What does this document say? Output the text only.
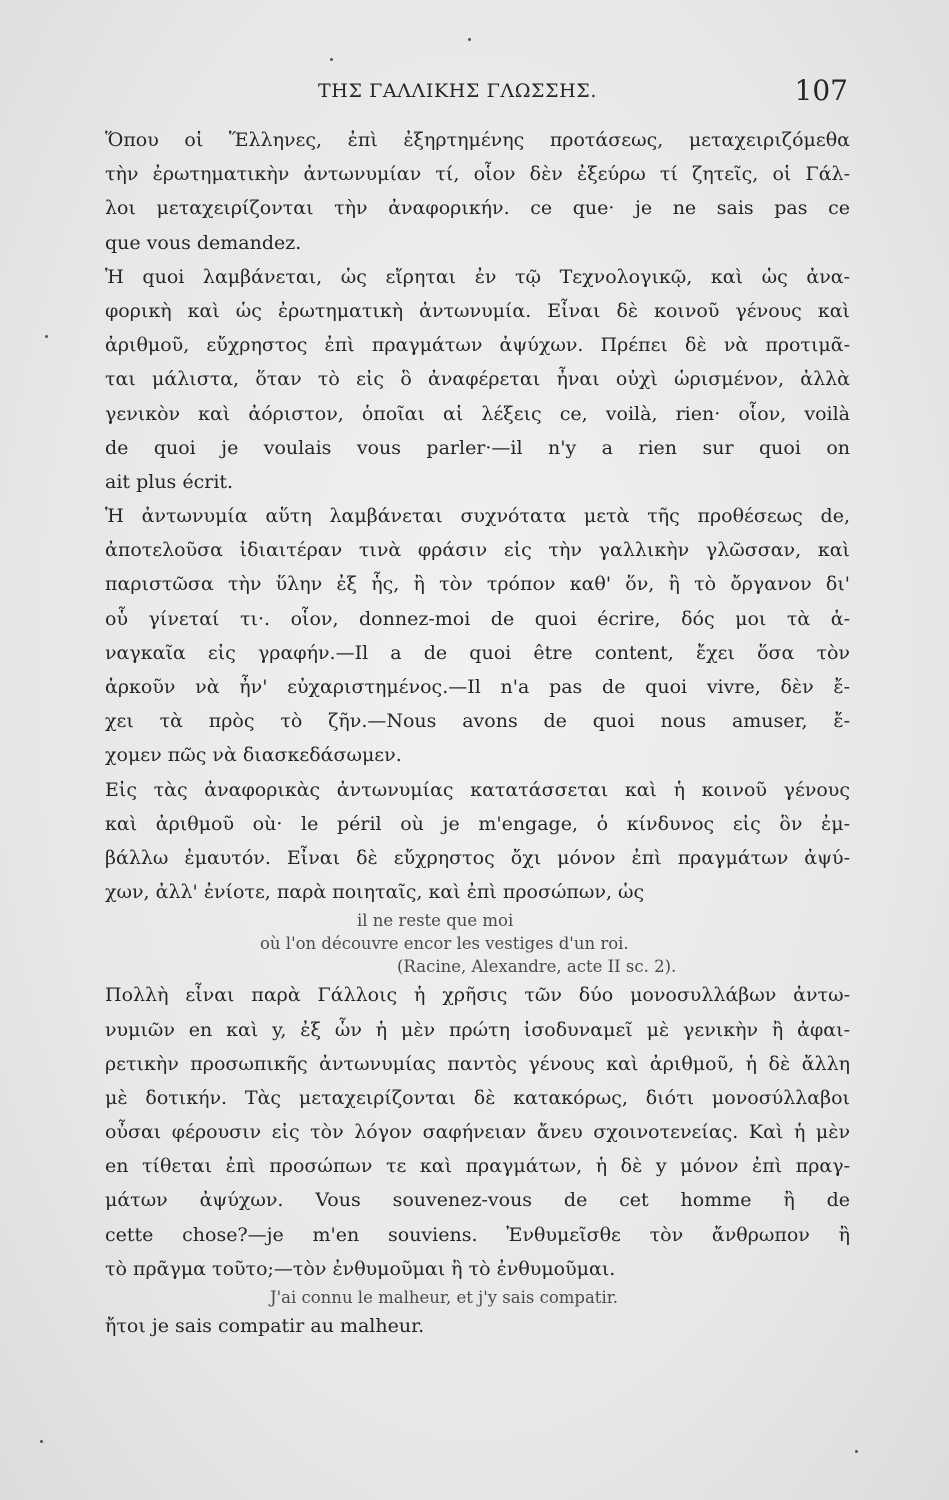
ΤΗΣ ΓΑΛΛΙΚΗΣ ΓΛΩΣΣΗΣ.	107
Ὅπου οἱ Ἕλληνες, ἐπὶ ἐξηρτημένης προτάσεως, μεταχειριζόμεθα
τὴν ἐρωτηματικὴν ἀντωνυμίαν τί, οἷον δὲν ἐξεύρω τί ζητεῖς, οἱ Γάλ-
λοι μεταχειρίζονται τὴν ἀναφορικήν. ce que· je ne sais pas ce
que vous demandez.
Ἡ quoi λαμβάνεται, ὡς εἴρηται ἐν τῷ Τεχνολογικῷ, καὶ ὡς ἀνα-
φορικὴ καὶ ὡς ἐρωτηματικὴ ἀντωνυμία. Εἶναι δὲ κοινοῦ γένους καὶ
ἀριθμοῦ, εὔχρηστος ἐπὶ πραγμάτων ἀψύχων. Πρέπει δὲ νὰ προτιμᾶ-
ται μάλιστα, ὅταν τὸ εἰς ὃ ἀναφέρεται ἦναι οὐχὶ ὡρισμένον, ἀλλὰ
γενικὸν καὶ ἀόριστον, ὁποῖαι αἱ λέξεις ce, voilà, rien· οἷον, voilà
de quoi je voulais vous parler·—il n'y a rien sur quoi on
ait plus écrit.
Ἡ ἀντωνυμία αὕτη λαμβάνεται συχνότατα μετὰ τῆς προθέσεως de,
ἀποτελοῦσα ἰδιαιτέραν τινὰ φράσιν εἰς τὴν γαλλικὴν γλῶσσαν, καὶ
παριστῶσα τὴν ὕλην ἐξ ἧς, ἢ τὸν τρόπον καθ' ὅν, ἢ τὸ ὄργανον δι'
οὗ γίνεταί τι·. οἷον, donnez-moi de quoi écrire, δός μοι τὰ ἀ-
ναγκαῖα εἰς γραφήν.—Il a de quoi être content, ἔχει ὅσα τὸν
ἀρκοῦν νὰ ἦν' εὐχαριστημένος.—Il n'a pas de quoi vivre, δὲν ἔ-
χει τὰ πρὸς τὸ ζῆν.—Nous avons de quoi nous amuser, ἔ-
χομεν πῶς νὰ διασκεδάσωμεν.
Εἰς τὰς ἀναφορικὰς ἀντωνυμίας κατατάσσεται καὶ ἡ κοινοῦ γένους
καὶ ἀριθμοῦ où· le péril où je m'engage, ὁ κίνδυνος εἰς ὃν ἐμ-
βάλλω ἐμαυτόν. Εἶναι δὲ εὔχρηστος ὄχι μόνον ἐπὶ πραγμάτων ἀψύ-
χων, ἀλλ' ἐνίοτε, παρὰ ποιηταῖς, καὶ ἐπὶ προσώπων, ὡς
il ne reste que moi
où l'on découvre encor les vestiges d'un roi.
(Racine, Alexandre, acte II sc. 2).
Πολλὴ εἶναι παρὰ Γάλλοις ἡ χρῆσις τῶν δύο μονοσυλλάβων ἀντω-
νυμιῶν en καὶ y, ἐξ ὧν ἡ μὲν πρώτη ἰσοδυναμεῖ μὲ γενικὴν ἢ ἀφαι-
ρετικὴν προσωπικῆς ἀντωνυμίας παντὸς γένους καὶ ἀριθμοῦ, ἡ δὲ ἄλλη
μὲ δοτικήν. Τὰς μεταχειρίζονται δὲ κατακόρως, διότι μονοσύλλαβοι
οὖσαι φέρουσιν εἰς τὸν λόγον σαφήνειαν ἄνευ σχοινοτενείας. Καὶ ἡ μὲν
en τίθεται ἐπὶ προσώπων τε καὶ πραγμάτων, ἡ δὲ y μόνον ἐπὶ πραγ-
μάτων ἀψύχων. Vous souvenez-vous de cet homme ἢ de
cette chose?—je m'en souviens. Ἐνθυμεῖσθε τὸν ἄνθρωπον ἢ
τὸ πρᾶγμα τοῦτο;—τὸν ἐνθυμοῦμαι ἢ τὸ ἐνθυμοῦμαι.
J'ai connu le malheur, et j'y sais compatir.
ἤτοι je sais compatir au malheur.
